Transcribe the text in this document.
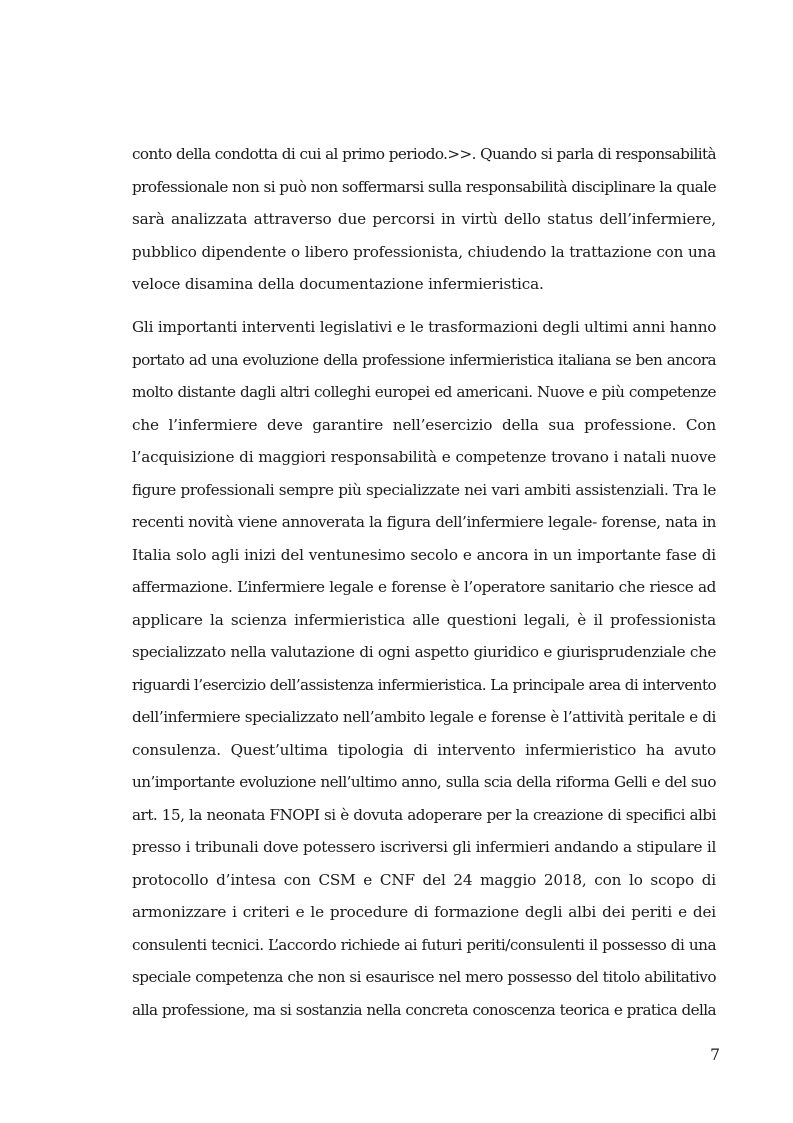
conto della condotta di cui al primo periodo.>>. Quando si parla di responsabilità
professionale non si può non soffermarsi sulla responsabilità disciplinare la quale
sarà analizzata attraverso due percorsi in virtù dello status dell’infermiere,
pubblico dipendente o libero professionista, chiudendo la trattazione con una
veloce disamina della documentazione infermieristica.
Gli importanti interventi legislativi e le trasformazioni degli ultimi anni hanno
portato ad una evoluzione della professione infermieristica italiana se ben ancora
molto distante dagli altri colleghi europei ed americani. Nuove e più competenze
che l’infermiere deve garantire nell’esercizio della sua professione. Con
l’acquisizione di maggiori responsabilità e competenze trovano i natali nuove
figure professionali sempre più specializzate nei vari ambiti assistenziali. Tra le
recenti novità viene annoverata la figura dell’infermiere legale- forense, nata in
Italia solo agli inizi del ventunesimo secolo e ancora in un importante fase di
affermazione. L’infermiere legale e forense è l’operatore sanitario che riesce ad
applicare la scienza infermieristica alle questioni legali, è il professionista
specializzato nella valutazione di ogni aspetto giuridico e giurisprudenziale che
riguardi l’esercizio dell’assistenza infermieristica. La principale area di intervento
dell’infermiere specializzato nell’ambito legale e forense è l’attività peritale e di
consulenza. Quest’ultima tipologia di intervento infermieristico ha avuto
un’importante evoluzione nell’ultimo anno, sulla scia della riforma Gelli e del suo
art. 15, la neonata FNOPI si è dovuta adoperare per la creazione di specifici albi
presso i tribunali dove potessero iscriversi gli infermieri andando a stipulare il
protocollo d’intesa con CSM e CNF del 24 maggio 2018, con lo scopo di
armonizzare i criteri e le procedure di formazione degli albi dei periti e dei
consulenti tecnici. L’accordo richiede ai futuri periti/consulenti il possesso di una
speciale competenza che non si esaurisce nel mero possesso del titolo abilitativo
alla professione, ma si sostanzia nella concreta conoscenza teorica e pratica della
7
